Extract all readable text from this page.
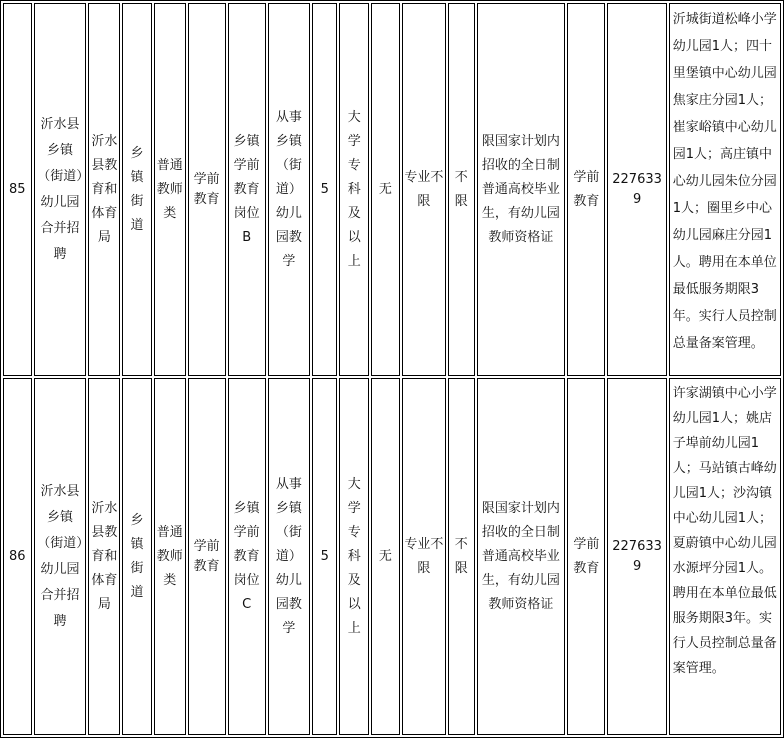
85	沂水县乡镇（街道）幼儿园合并招聘	沂水县教育和体育局	乡镇街道	普通教师类	学前教育	乡镇学前教育岗位B	从事乡镇（街道）幼儿园教学	5	大学专科及以上	无	专业不限	不限	限国家计划内招收的全日制普通高校毕业生，有幼儿园教师资格证	学前教育	2276339	沂城街道松峰小学幼儿园1人；四十里堡镇中心幼儿园焦家庄分园1人；崔家峪镇中心幼儿园1人；高庄镇中心幼儿园朱位分园1人；圈里乡中心幼儿园麻庄分园1人。聘用在本单位最低服务期限3年。实行人员控制总量备案管理。
86	沂水县乡镇（街道）幼儿园合并招聘	沂水县教育和体育局	乡镇街道	普通教师类	学前教育	乡镇学前教育岗位C	从事乡镇（街道）幼儿园教学	5	大学专科及以上	无	专业不限	不限	限国家计划内招收的全日制普通高校毕业生，有幼儿园教师资格证	学前教育	2276339	许家湖镇中心小学幼儿园1人；姚店子埠前幼儿园1人；马站镇古峰幼儿园1人；沙沟镇中心幼儿园1人；夏蔚镇中心幼儿园水源坪分园1人。聘用在本单位最低服务期限3年。实行人员控制总量备案管理。
